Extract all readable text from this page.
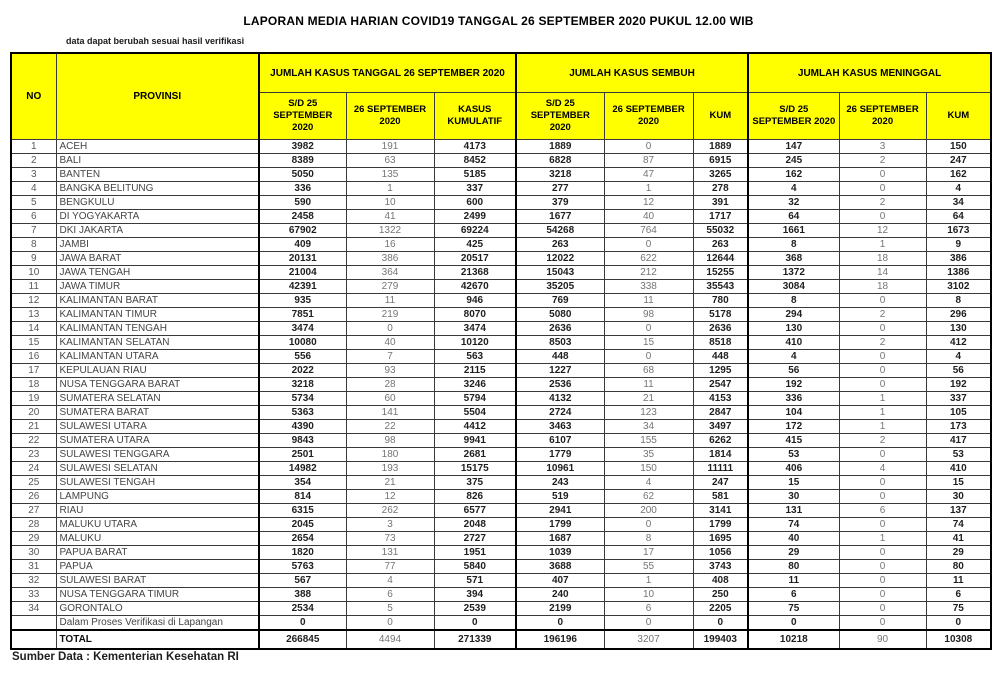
LAPORAN MEDIA HARIAN COVID19 TANGGAL 26 SEPTEMBER 2020 PUKUL 12.00 WIB
data dapat berubah sesuai hasil verifikasi
NO	PROVINSI	JUMLAH KASUS TANGGAL 26 SEPTEMBER 2020			JUMLAH KASUS SEMBUH			JUMLAH KASUS MENINGGAL		
		S/D 25 SEPTEMBER 2020	26 SEPTEMBER 2020	KASUS KUMULATIF	S/D 25 SEPTEMBER 2020	26 SEPTEMBER 2020	KUM	S/D 25 SEPTEMBER 2020	26 SEPTEMBER 2020	KUM
1	ACEH	3982	191	4173	1889	0	1889	147	3	150
2	BALI	8389	63	8452	6828	87	6915	245	2	247
3	BANTEN	5050	135	5185	3218	47	3265	162	0	162
4	BANGKA BELITUNG	336	1	337	277	1	278	4	0	4
5	BENGKULU	590	10	600	379	12	391	32	2	34
6	DI YOGYAKARTA	2458	41	2499	1677	40	1717	64	0	64
7	DKI JAKARTA	67902	1322	69224	54268	764	55032	1661	12	1673
8	JAMBI	409	16	425	263	0	263	8	1	9
9	JAWA BARAT	20131	386	20517	12022	622	12644	368	18	386
10	JAWA TENGAH	21004	364	21368	15043	212	15255	1372	14	1386
11	JAWA TIMUR	42391	279	42670	35205	338	35543	3084	18	3102
12	KALIMANTAN BARAT	935	11	946	769	11	780	8	0	8
13	KALIMANTAN TIMUR	7851	219	8070	5080	98	5178	294	2	296
14	KALIMANTAN TENGAH	3474	0	3474	2636	0	2636	130	0	130
15	KALIMANTAN SELATAN	10080	40	10120	8503	15	8518	410	2	412
16	KALIMANTAN UTARA	556	7	563	448	0	448	4	0	4
17	KEPULAUAN RIAU	2022	93	2115	1227	68	1295	56	0	56
18	NUSA TENGGARA BARAT	3218	28	3246	2536	11	2547	192	0	192
19	SUMATERA SELATAN	5734	60	5794	4132	21	4153	336	1	337
20	SUMATERA BARAT	5363	141	5504	2724	123	2847	104	1	105
21	SULAWESI UTARA	4390	22	4412	3463	34	3497	172	1	173
22	SUMATERA UTARA	9843	98	9941	6107	155	6262	415	2	417
23	SULAWESI TENGGARA	2501	180	2681	1779	35	1814	53	0	53
24	SULAWESI SELATAN	14982	193	15175	10961	150	11111	406	4	410
25	SULAWESI TENGAH	354	21	375	243	4	247	15	0	15
26	LAMPUNG	814	12	826	519	62	581	30	0	30
27	RIAU	6315	262	6577	2941	200	3141	131	6	137
28	MALUKU UTARA	2045	3	2048	1799	0	1799	74	0	74
29	MALUKU	2654	73	2727	1687	8	1695	40	1	41
30	PAPUA BARAT	1820	131	1951	1039	17	1056	29	0	29
31	PAPUA	5763	77	5840	3688	55	3743	80	0	80
32	SULAWESI BARAT	567	4	571	407	1	408	11	0	11
33	NUSA TENGGARA TIMUR	388	6	394	240	10	250	6	0	6
34	GORONTALO	2534	5	2539	2199	6	2205	75	0	75
	Dalam Proses Verifikasi di Lapangan	0	0	0	0	0	0	0	0	0
	TOTAL	266845	4494	271339	196196	3207	199403	10218	90	10308
Sumber Data : Kementerian Kesehatan RI
